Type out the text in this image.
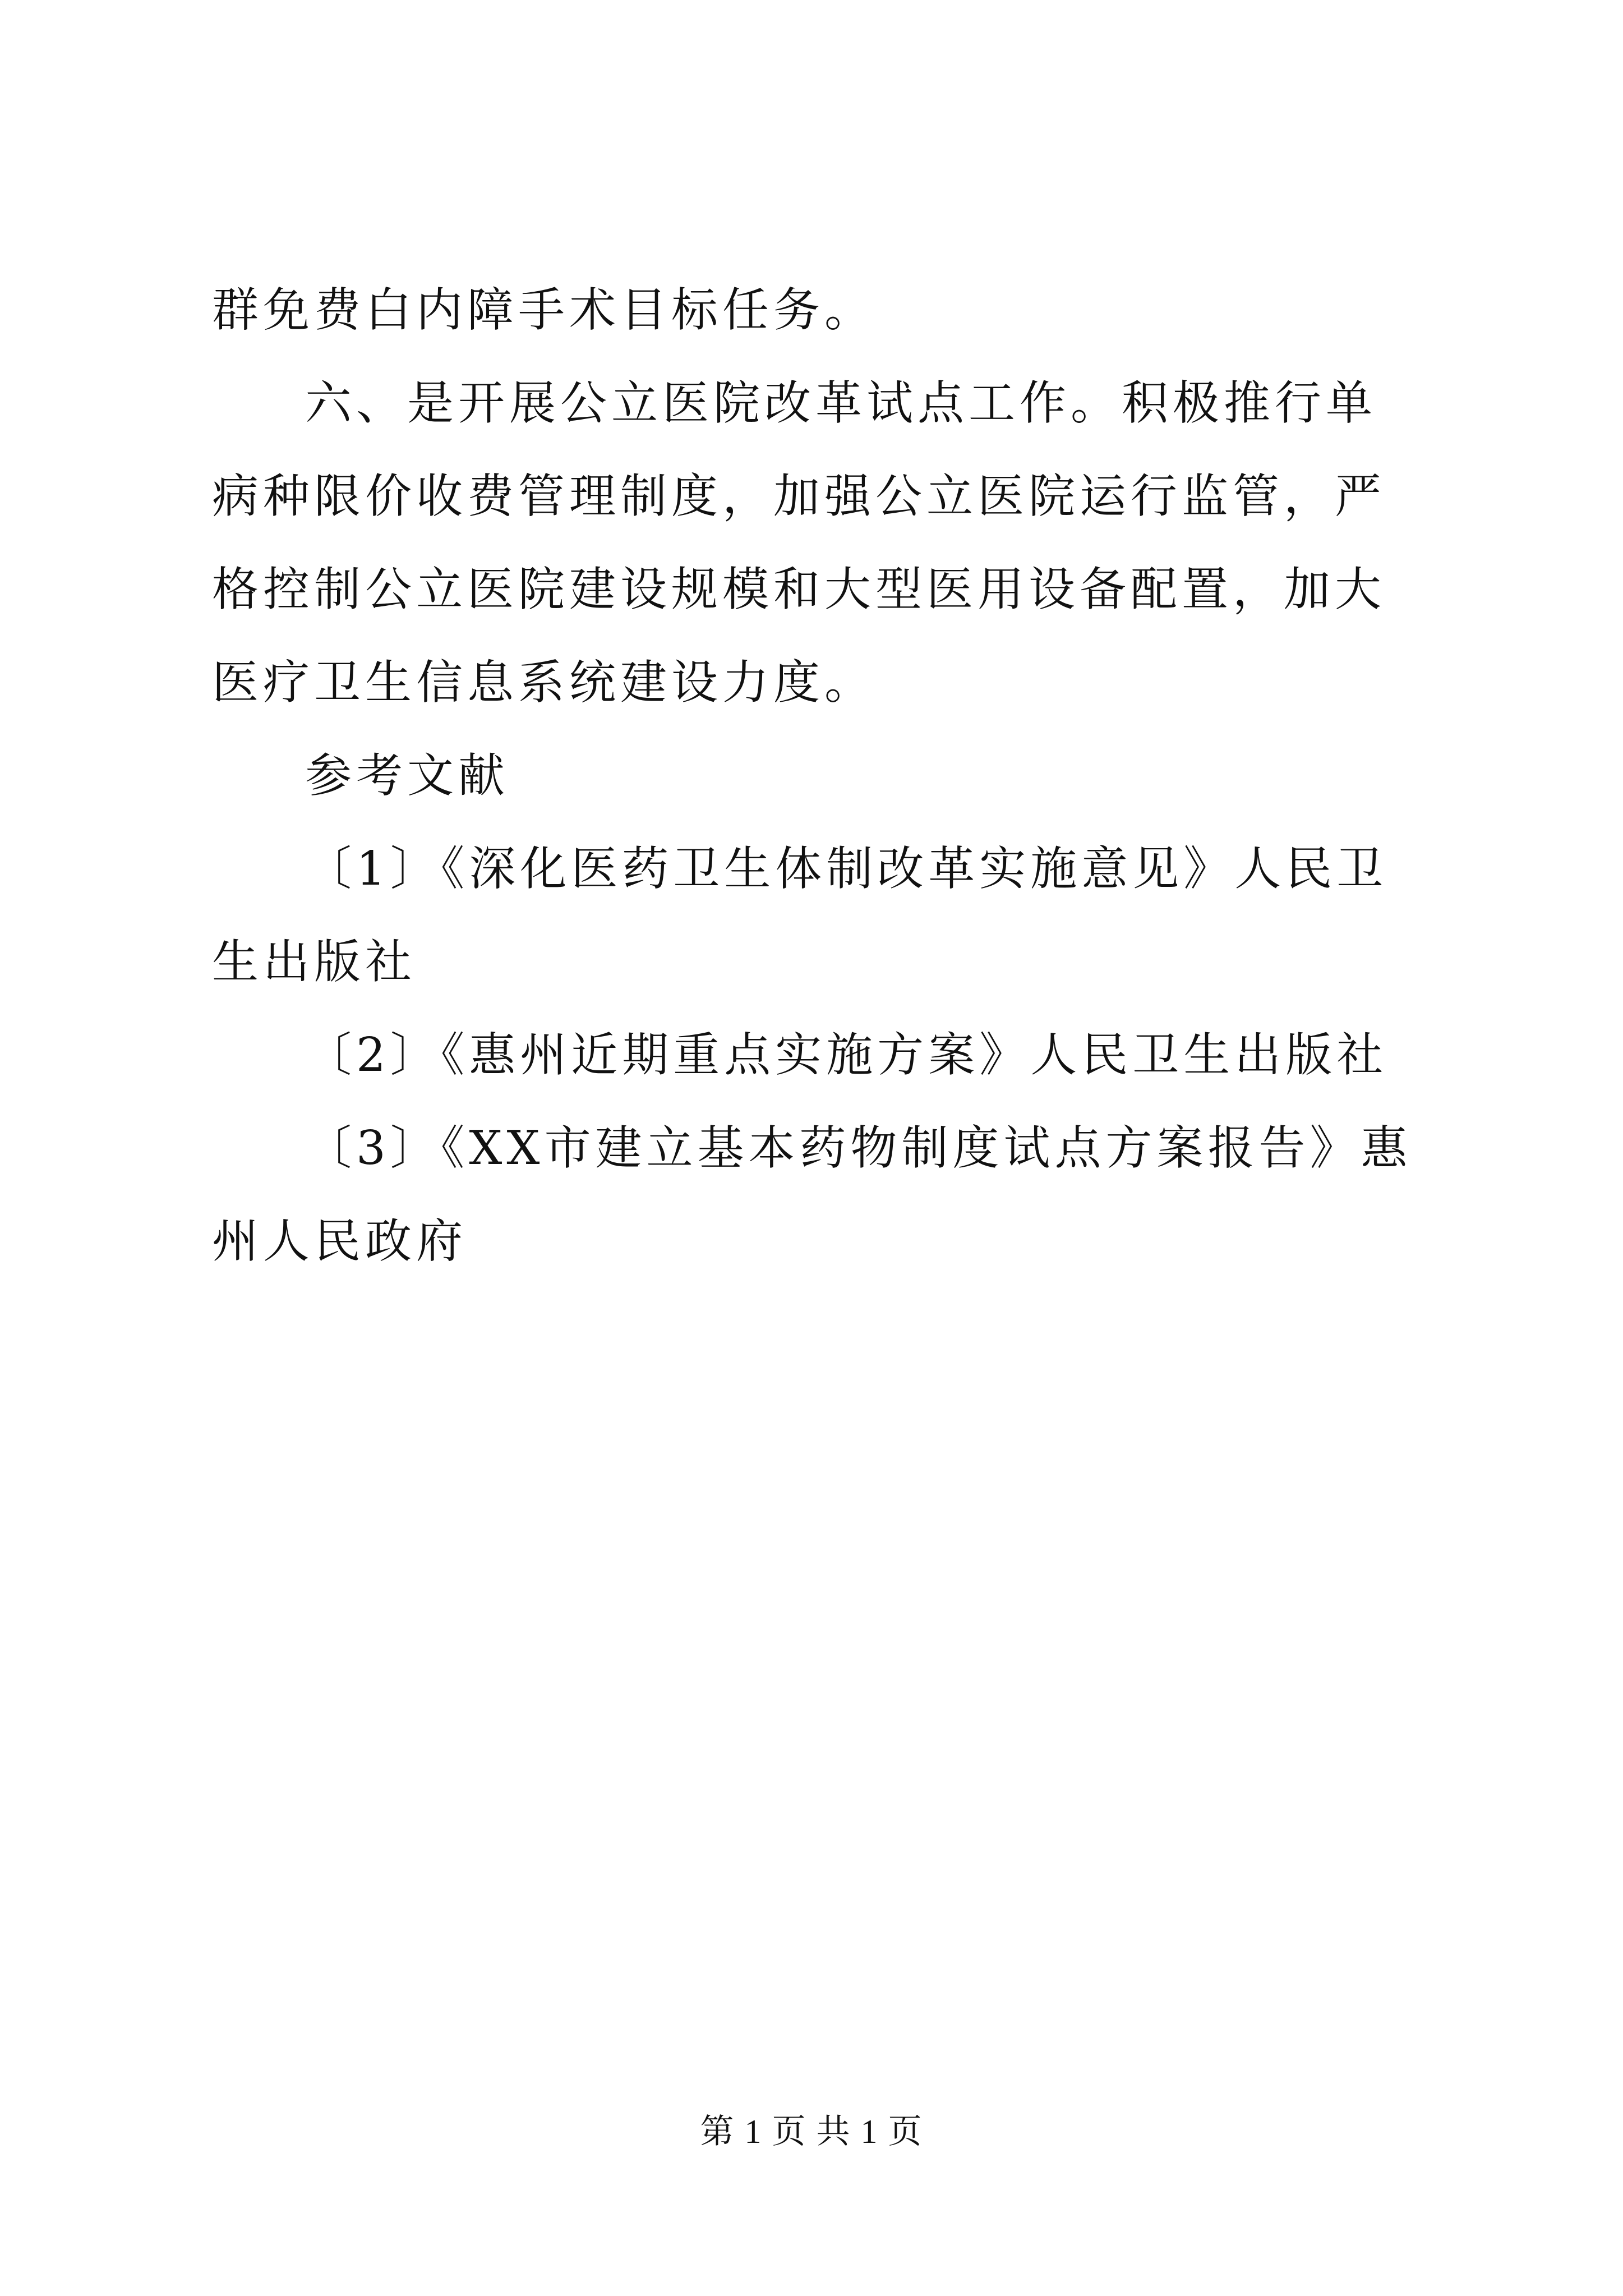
群免费白内障手术目标任务。

六、是开展公立医院改革试点工作。积极推行单病种限价收费管理制度，加强公立医院运行监管，严格控制公立医院建设规模和大型医用设备配置，加大医疗卫生信息系统建设力度。

参考文献

〔1〕《深化医药卫生体制改革实施意见》人民卫生出版社

〔2〕《惠州近期重点实施方案》人民卫生出版社

〔3〕《XX市建立基本药物制度试点方案报告》惠州人民政府

第 1 页 共 1 页
